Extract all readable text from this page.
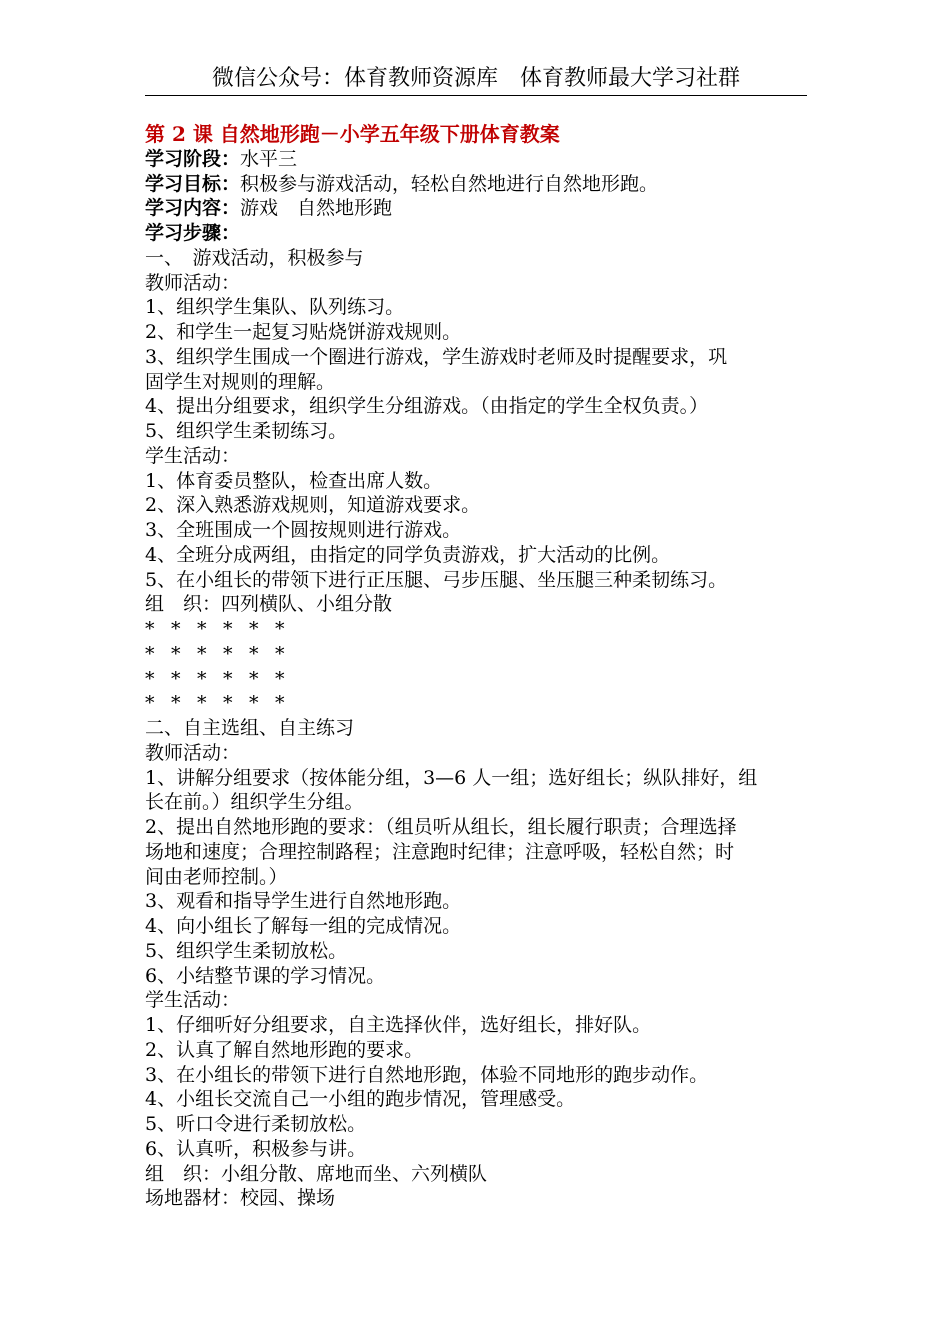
微信公众号：体育教师资源库　体育教师最大学习社群
第 2 课 自然地形跑－小学五年级下册体育教案
学习阶段：水平三
学习目标：积极参与游戏活动，轻松自然地进行自然地形跑。
学习内容：游戏　自然地形跑
学习步骤：
一、　游戏活动，积极参与
教师活动：
1、组织学生集队、队列练习。
2、和学生一起复习贴烧饼游戏规则。
3、组织学生围成一个圈进行游戏，学生游戏时老师及时提醒要求，巩
固学生对规则的理解。
4、提出分组要求，组织学生分组游戏。（由指定的学生全权负责。）
5、组织学生柔韧练习。
学生活动：
1、体育委员整队，检查出席人数。
2、深入熟悉游戏规则，知道游戏要求。
3、全班围成一个圆按规则进行游戏。
4、全班分成两组，由指定的同学负责游戏，扩大活动的比例。
5、在小组长的带领下进行正压腿、弓步压腿、坐压腿三种柔韧练习。
组　织：四列横队、小组分散
* * * * * *
* * * * * *
* * * * * *
* * * * * *
二、自主选组、自主练习
教师活动：
1、讲解分组要求（按体能分组，3—6 人一组；选好组长；纵队排好，组
长在前。）组织学生分组。
2、提出自然地形跑的要求：（组员听从组长，组长履行职责；合理选择
场地和速度；合理控制路程；注意跑时纪律；注意呼吸，轻松自然；时
间由老师控制。）
3、观看和指导学生进行自然地形跑。
4、向小组长了解每一组的完成情况。
5、组织学生柔韧放松。
6、小结整节课的学习情况。
学生活动：
1、仔细听好分组要求，自主选择伙伴，选好组长，排好队。
2、认真了解自然地形跑的要求。
3、在小组长的带领下进行自然地形跑，体验不同地形的跑步动作。
4、小组长交流自己一小组的跑步情况，管理感受。
5、听口令进行柔韧放松。
6、认真听，积极参与讲。
组　织：小组分散、席地而坐、六列横队
场地器材：校园、操场
